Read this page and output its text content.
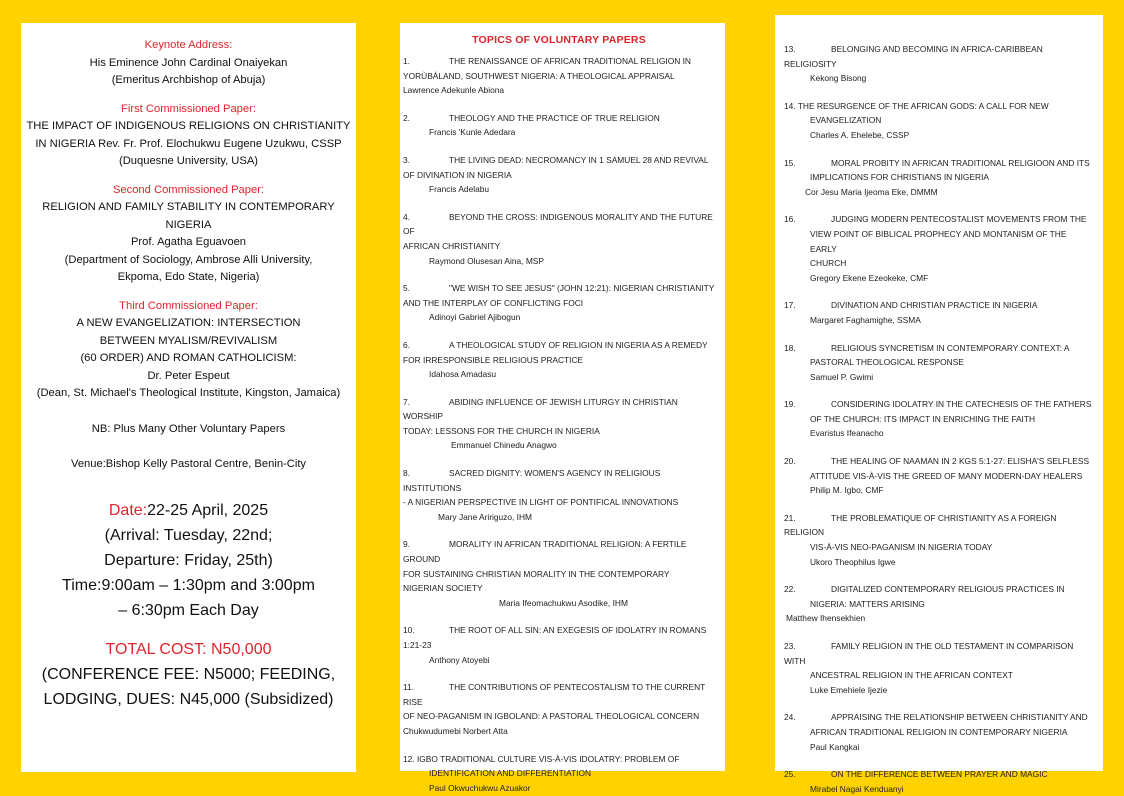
Keynote Address:

His Eminence John Cardinal Onaiyekan

(Emeritus Archbishop of Abuja)

First Commissioned Paper:

THE IMPACT OF INDIGENOUS RELIGIONS ON CHRISTIANITY

IN NIGERIA Rev. Fr. Prof. Elochukwu Eugene Uzukwu, CSSP

(Duquesne University, USA)

Second Commissioned Paper:

RELIGION AND FAMILY STABILITY IN CONTEMPORARY NIGERIA

Prof. Agatha Eguavoen

(Department of Sociology, Ambrose Alli University,

Ekpoma, Edo State, Nigeria)

Third Commissioned Paper:

A NEW EVANGELIZATION: INTERSECTION

BETWEEN MYALISM/REVIVALISM

(60 ORDER) AND ROMAN CATHOLICISM:

Dr. Peter Espeut

(Dean, St. Michael's Theological Institute, Kingston, Jamaica)

NB: Plus Many Other Voluntary Papers

Venue:Bishop Kelly Pastoral Centre, Benin-City

Date:22-25 April, 2025

(Arrival: Tuesday, 22nd;

Departure: Friday, 25th)

Time:9:00am – 1:30pm and 3:00pm

– 6:30pm Each Day

TOTAL COST: N50,000

(CONFERENCE FEE: N5000; FEEDING,

LODGING, DUES: N45,000 (Subsidized)

TOPICS OF VOLUNTARY PAPERS

1.	THE RENAISSANCE OF AFRICAN TRADITIONAL RELIGION IN
YORÙBÁLAND, SOUTHWEST NIGERIA: A THEOLOGICAL APPRAISAL
Lawrence Adekunle Abiona
2.	THEOLOGY AND THE PRACTICE OF TRUE RELIGION
Francis 'Kunle Adedara
3.	THE LIVING DEAD: NECROMANCY IN 1 SAMUEL 28 AND REVIVAL
OF DIVINATION IN NIGERIA
Francis Adelabu
4.	BEYOND THE CROSS: INDIGENOUS MORALITY AND THE FUTURE OF
AFRICAN CHRISTIANITY
Raymond Olusesan Aina, MSP
5.	"WE WISH TO SEE JESUS" (JOHN 12:21): NIGERIAN CHRISTIANITY
AND THE INTERPLAY OF CONFLICTING FOCI
Adinoyi Gabriel Ajibogun
6.	A THEOLOGICAL STUDY OF RELIGION IN NIGERIA AS A REMEDY
FOR IRRESPONSIBLE RELIGIOUS PRACTICE
Idahosa Amadasu
7.	ABIDING INFLUENCE OF JEWISH LITURGY IN CHRISTIAN WORSHIP
TODAY: LESSONS FOR THE CHURCH IN NIGERIA
Emmanuel Chinedu Anagwo
8.	SACRED DIGNITY: WOMEN'S AGENCY IN RELIGIOUS INSTITUTIONS
- A NIGERIAN PERSPECTIVE IN LIGHT OF PONTIFICAL INNOVATIONS
Mary Jane Aririguzo, IHM
9.	MORALITY IN AFRICAN TRADITIONAL RELIGION: A FERTILE GROUND
FOR SUSTAINING CHRISTIAN MORALITY IN THE CONTEMPORARY
NIGERIAN SOCIETY
Maria Ifeomachukwu Asodike, IHM
10.	THE ROOT OF ALL SIN: AN EXEGESIS OF IDOLATRY IN ROMANS
1:21-23
Anthony Atoyebi
11.	THE CONTRIBUTIONS OF PENTECOSTALISM TO THE CURRENT RISE
OF NEO-PAGANISM IN IGBOLAND: A PASTORAL THEOLOGICAL CONCERN
Chukwudumebi Norbert Atta
12. IGBO TRADITIONAL CULTURE VIS-À-VIS IDOLATRY: PROBLEM OF
IDENTIFICATION AND DIFFERENTIATION
Paul Okwuchukwu Azuakor
13.	BELONGING AND BECOMING IN AFRICA-CARIBBEAN RELIGIOSITY
Kekong Bisong
14. THE RESURGENCE OF THE AFRICAN GODS: A CALL FOR NEW
EVANGELIZATION
Charles A. Ehelebe, CSSP
15.	MORAL PROBITY IN AFRICAN TRADITIONAL RELIGIOON AND ITS
IMPLICATIONS FOR CHRISTIANS IN NIGERIA
Cor Jesu Maria Ijeoma Eke, DMMM
16.	JUDGING MODERN PENTECOSTALIST MOVEMENTS FROM THE
VIEW POINT OF BIBLICAL PROPHECY AND MONTANISM OF THE EARLY
CHURCH
Gregory Ekene Ezeokeke, CMF
17.	DIVINATION AND CHRISTIAN PRACTICE IN NIGERIA
Margaret Faghamighe, SSMA
18.	RELIGIOUS SYNCRETISM IN CONTEMPORARY CONTEXT: A
PASTORAL THEOLOGICAL RESPONSE
Samuel P. Gwimi
19.	CONSIDERING IDOLATRY IN THE CATECHESIS OF THE FATHERS
OF THE CHURCH: ITS IMPACT IN ENRICHING THE FAITH
Evaristus Ifeanacho
20.	THE HEALING OF NAAMAN IN 2 KGS 5:1-27: ELISHA'S SELFLESS
ATTITUDE VIS-À-VIS THE GREED OF MANY MODERN-DAY HEALERS
Philip M. Igbo, CMF
21.	THE PROBLEMATIQUE OF CHRISTIANITY AS A FOREIGN RELIGION
VIS-À-VIS NEO-PAGANISM IN NIGERIA TODAY
Ukoro Theophilus Igwe
22.	DIGITALIZED CONTEMPORARY RELIGIOUS PRACTICES IN
NIGERIA: MATTERS ARISING
Matthew Ihensekhien
23.	FAMILY RELIGION IN THE OLD TESTAMENT IN COMPARISON WITH
ANCESTRAL RELIGION IN THE AFRICAN CONTEXT
Luke Emehiele Ijezie
24.	APPRAISING THE RELATIONSHIP BETWEEN CHRISTIANITY AND
AFRICAN TRADITIONAL RELIGION IN CONTEMPORARY NIGERIA
Paul Kangkai
25.	ON THE DIFFERENCE BETWEEN PRAYER AND MAGIC
Mirabel Nagai Kenduanyi
